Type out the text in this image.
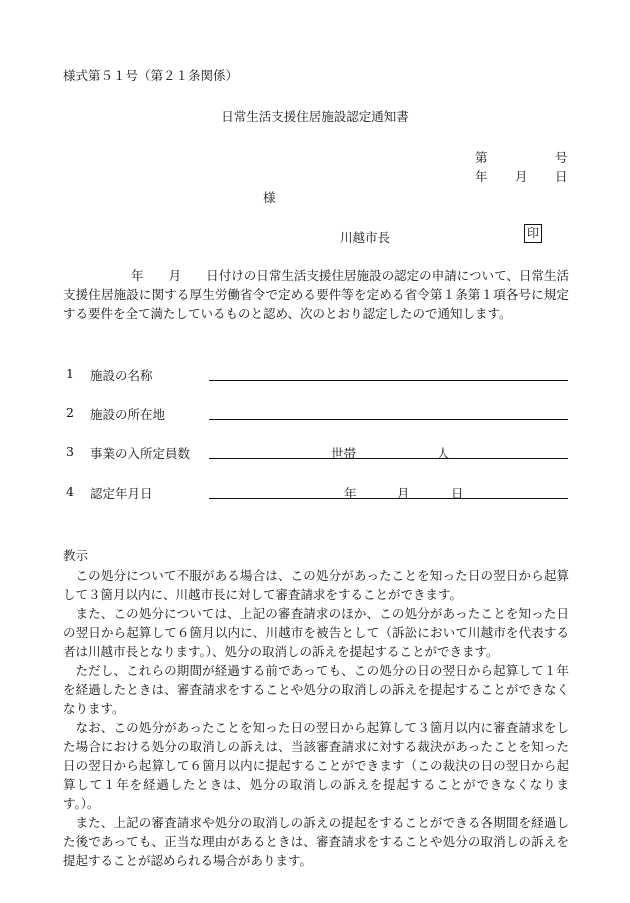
様式第５１号（第２１条関係）
日常生活支援住居施設認定通知書
第	号
年 月 日
様
川越市長	印
年　　月　　日付けの日常生活支援住居施設の認定の申請について、日常生活支援住居施設に関する厚生労働省令で定める要件等を定める省令第１条第１項各号に規定する要件を全て満たしているものと認め、次のとおり認定したので通知します。
1 施設の名称
2 施設の所在地
3 事業の入所定員数	世帯	人
4 認定年月日	年	月	日
教示

この処分について不服がある場合は、この処分があったことを知った日の翌日から起算して３箇月以内に、川越市長に対して審査請求をすることができます。

また、この処分については、上記の審査請求のほか、この処分があったことを知った日の翌日から起算して６箇月以内に、川越市を被告として（訴訟において川越市を代表する者は川越市長となります。）、処分の取消しの訴えを提起することができます。

ただし、これらの期間が経過する前であっても、この処分の日の翌日から起算して１年を経過したときは、審査請求をすることや処分の取消しの訴えを提起することができなくなります。

なお、この処分があったことを知った日の翌日から起算して３箇月以内に審査請求をした場合における処分の取消しの訴えは、当該審査請求に対する裁決があったことを知った日の翌日から起算して６箇月以内に提起することができます（この裁決の日の翌日から起算して１年を経過したときは、処分の取消しの訴えを提起することができなくなります。）。

また、上記の審査請求や処分の取消しの訴えの提起をすることができる各期間を経過した後であっても、正当な理由があるときは、審査請求をすることや処分の取消しの訴えを提起することが認められる場合があります。
